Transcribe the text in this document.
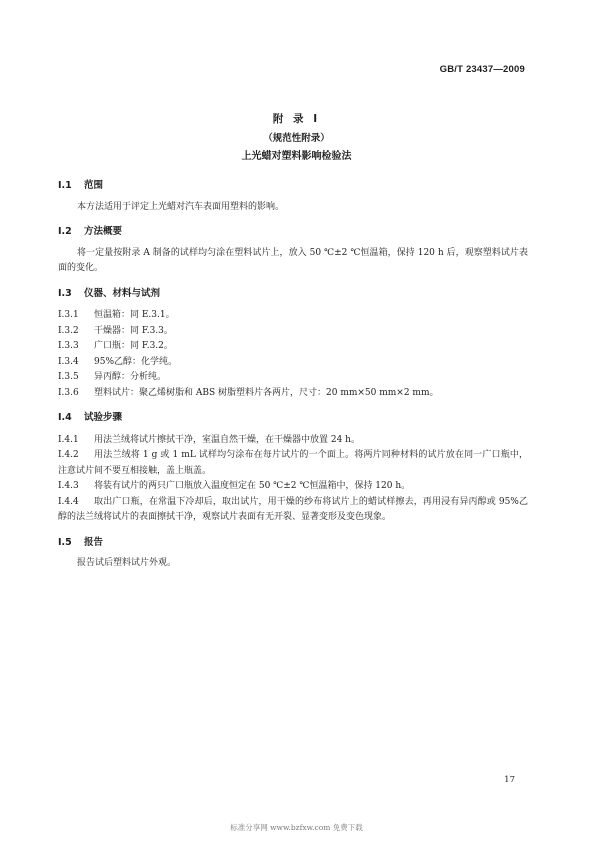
GB/T 23437—2009
附 录 I
（规范性附录）
上光蜡对塑料影响检验法

I.1 范围

本方法适用于评定上光蜡对汽车表面用塑料的影响。

I.2 方法概要

将一定量按附录 A 制备的试样均匀涂在塑料试片上，放入 50 ℃±2 ℃恒温箱，保持 120 h 后，观察塑料试片表面的变化。

I.3 仪器、材料与试剂

I.3.1 恒温箱：同 E.3.1。

I.3.2 干燥器：同 F.3.3。

I.3.3 广口瓶：同 F.3.2。

I.3.4 95%乙醇：化学纯。

I.3.5 异丙醇：分析纯。

I.3.6 塑料试片：聚乙烯树脂和 ABS 树脂塑料片各两片，尺寸：20 mm×50 mm×2 mm。

I.4 试验步骤

I.4.1 用法兰绒将试片擦拭干净，室温自然干燥，在干燥器中放置 24 h。

I.4.2 用法兰绒将 1 g 或 1 mL 试样均匀涂布在每片试片的一个面上。将两片同种材料的试片放在同一广口瓶中，注意试片间不要互相接触，盖上瓶盖。

I.4.3 将装有试片的两只广口瓶放入温度恒定在 50 ℃±2 ℃恒温箱中，保持 120 h。

I.4.4 取出广口瓶，在常温下冷却后，取出试片，用干燥的纱布将试片上的蜡试样擦去，再用浸有异丙醇或 95%乙醇的法兰绒将试片的表面擦拭干净，观察试片表面有无开裂、显著变形及变色现象。

I.5 报告

报告试后塑料试片外观。

17
标准分享网 www.bzfxw.com 免费下载
